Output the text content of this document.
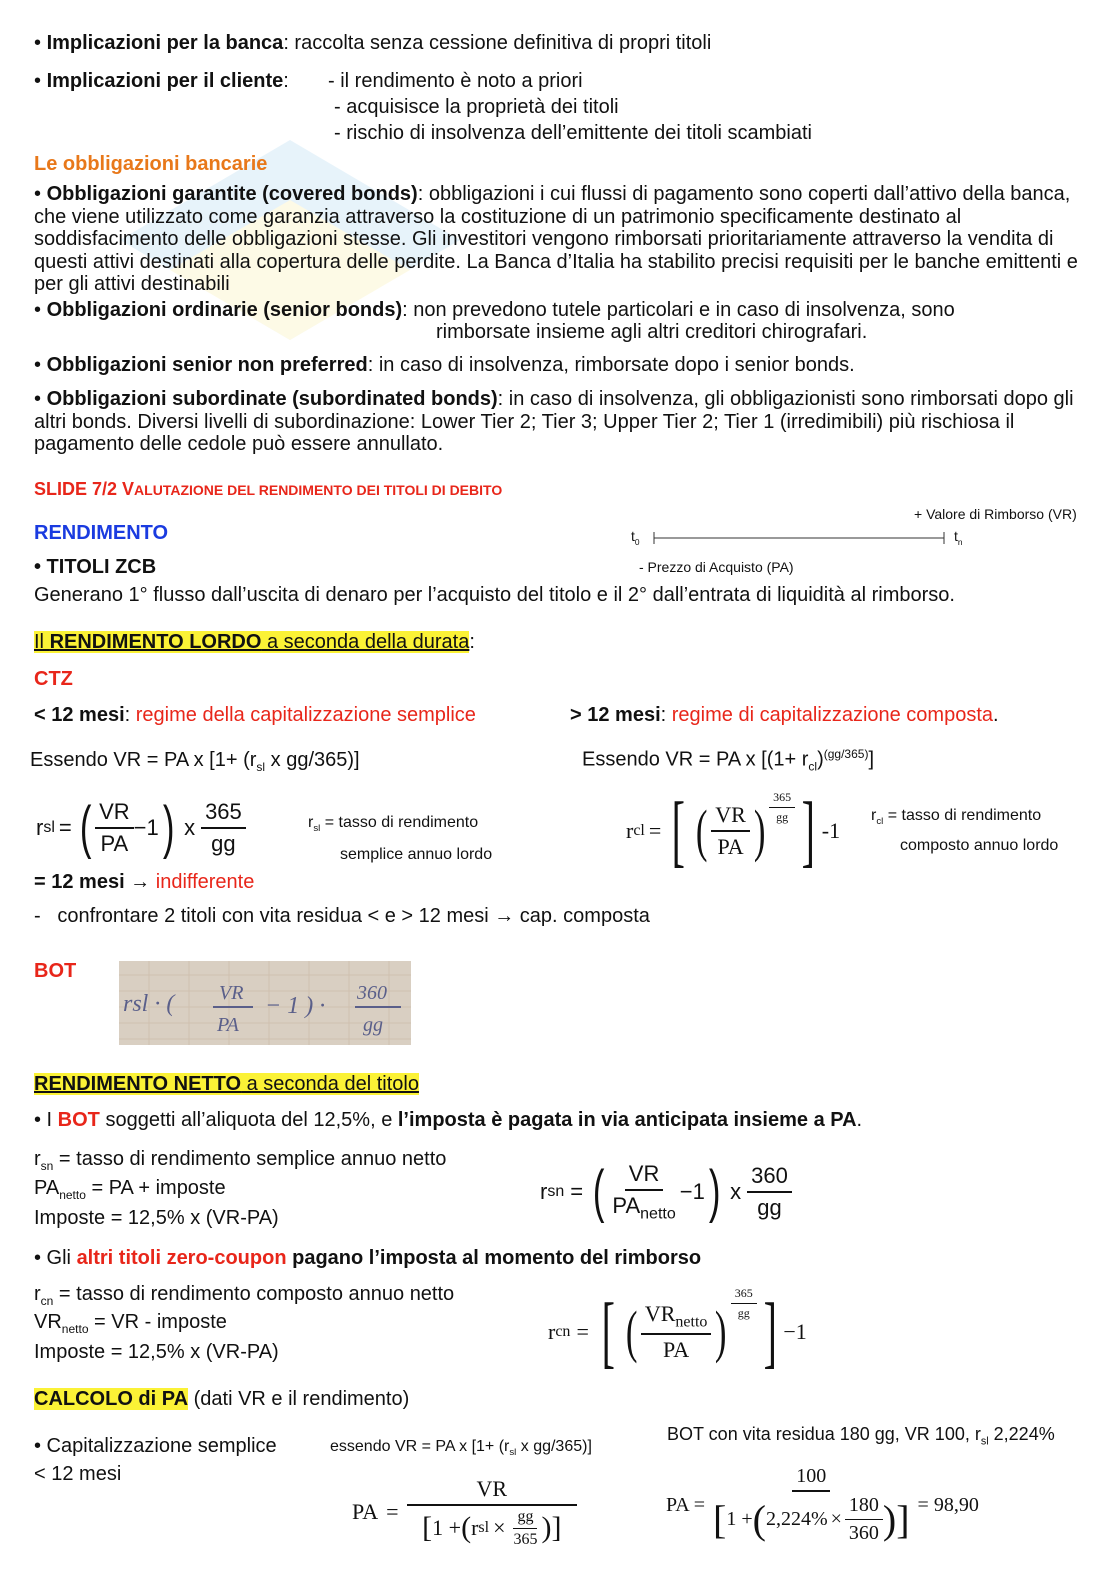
• Implicazioni per la banca: raccolta senza cessione definitiva di propri titoli
• Implicazioni per il cliente: - il rendimento è noto a priori
- acquisisce la proprietà dei titoli
- rischio di insolvenza dell’emittente dei titoli scambiati
Le obbligazioni bancarie
• Obbligazioni garantite (covered bonds): obbligazioni i cui flussi di pagamento sono coperti dall’attivo della banca, che viene utilizzato come garanzia attraverso la costituzione di un patrimonio specificamente destinato al soddisfacimento delle obbligazioni stesse. Gli investitori vengono rimborsati prioritariamente attraverso la vendita di questi attivi destinati alla copertura delle perdite. La Banca d’Italia ha stabilito precisi requisiti per le banche emittenti e per gli attivi destinabili
• Obbligazioni ordinarie (senior bonds): non prevedono tutele particolari e in caso di insolvenza, sono
rimborsate insieme agli altri creditori chirografari.
• Obbligazioni senior non preferred: in caso di insolvenza, rimborsate dopo i senior bonds.
• Obbligazioni subordinate (subordinated bonds): in caso di insolvenza, gli obbligazionisti sono rimborsati dopo gli altri bonds. Diversi livelli di subordinazione: Lower Tier 2; Tier 3; Upper Tier 2; Tier 1 (irredimibili) più rischiosa il pagamento delle cedole può essere annullato.
SLIDE 7/2 VALUTAZIONE DEL RENDIMENTO DEI TITOLI DI DEBITO
RENDIMENTO
• TITOLI ZCB
Generano 1° flusso dall’uscita di denaro per l’acquisto del titolo e il 2° dall’entrata di liquidità al rimborso.
+ Valore di Rimborso (VR)
$t_0$	$t_n$
- Prezzo di Acquisto (PA)
Il RENDIMENTO LORDO a seconda della durata:
CTZ
< 12 mesi: regime della capitalizzazione semplice	> 12 mesi: regime di capitalizzazione composta.
Essendo VR = PA x [$1+ (r_{sl}$ x gg/365)]	Essendo VR = PA x $[(1+ r_{cl})^{(gg/365)}]$
r sl = ( $\frac{VR}{PA} -1$ ) x $\frac{365}{gg}$	$r_{sl}$ = tasso di rendimento
semplice annuo lordo
r cl = [ ( $\frac{VR}{PA}$ ) $\frac{365}{gg}$ ] -1
$r_{cl}$ = tasso di rendimento
composto annuo lordo
= 12 mesi → indifferente
-   confrontare 2 titoli con vita residua < e > 12 mesi → cap. composta
BOT
rsl · ( VR
PA
− 1 ) · 360
gg
RENDIMENTO NETTO a seconda del titolo
• I BOT soggetti all’aliquota del 12,5%, e l’imposta è pagata in via anticipata insieme a PA.
$r_{sn}$ = tasso di rendimento semplice annuo netto
$PA_{netto}$ = PA + imposte
Imposte = 12,5% x (VR-PA)
r sn = ( $\frac{VR}{PA_{netto}} -1$ ) x $\frac{360}{gg}$
• Gli altri titoli zero-coupon pagano l’imposta al momento del rimborso
$r_{cn}$ = tasso di rendimento composto annuo netto
$VR_{netto}$ = VR - imposte
Imposte = 12,5% x (VR-PA)
r cn = [ ( $\frac{VR_{netto}}{PA}$ ) $\frac{365}{gg}$ ] −1
CALCOLO di PA (dati VR e il rendimento)
• Capitalizzazione semplice
< 12 mesi
essendo VR = PA x [$1+ (r_{sl}$ x gg/365)]
BOT con vita residua 180 gg, VR 100, $r_{sl}$ 2,224%
PA = $\frac{VR}{[ 1 + ( r sl \times \frac{gg}{365} )]}$	PA = $\frac{100}{[ 1 + ( 2,224\% \times \frac{180}{360} )]} = 98,90$
